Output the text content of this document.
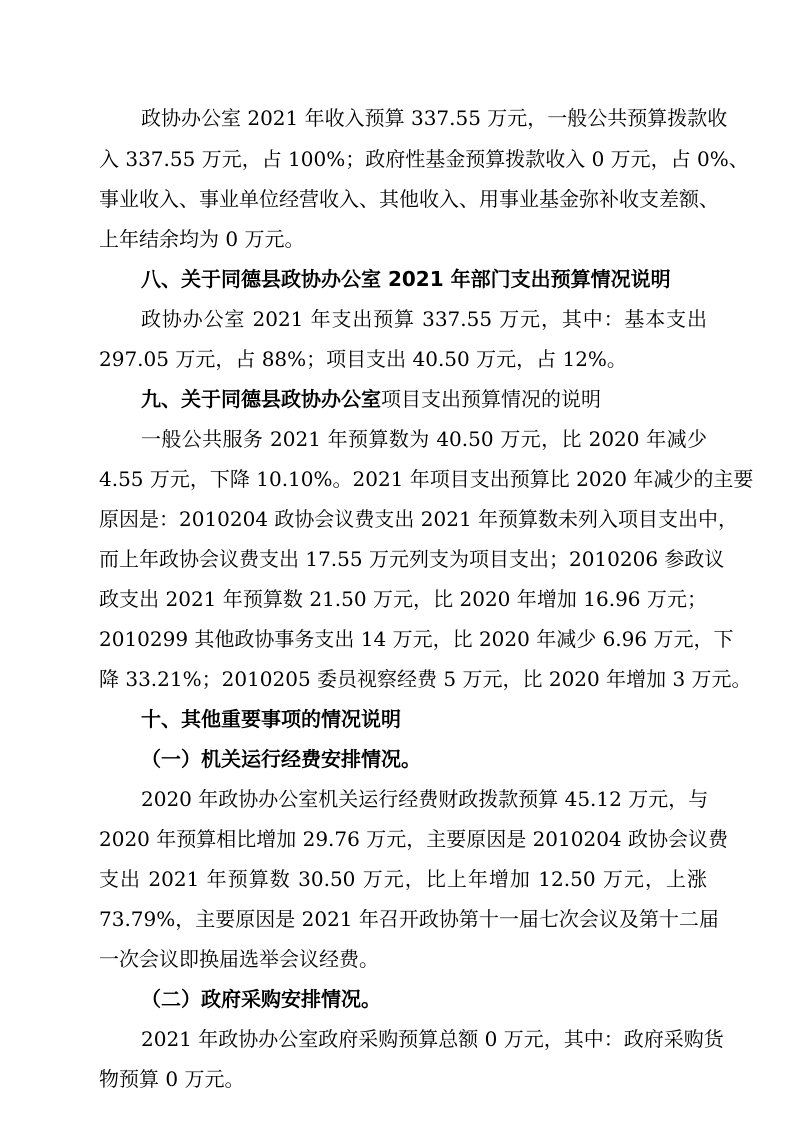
政协办公室 2021 年收入预算 337.55 万元，一般公共预算拨款收

入 337.55 万元，占 100%；政府性基金预算拨款收入 0 万元，占 0%、

事业收入、事业单位经营收入、其他收入、用事业基金弥补收支差额、

上年结余均为 0 万元。

八、关于同德县政协办公室 2021 年部门支出预算情况说明

政协办公室 2021 年支出预算 337.55 万元，其中：基本支出

297.05 万元，占 88%；项目支出 40.50 万元，占 12%。

九、关于同德县政协办公室项目支出预算情况的说明

一般公共服务 2021 年预算数为 40.50 万元，比 2020 年减少

4.55 万元，下降 10.10%。2021 年项目支出预算比 2020 年减少的主要

原因是：2010204 政协会议费支出 2021 年预算数未列入项目支出中，

而上年政协会议费支出 17.55 万元列支为项目支出；2010206 参政议

政支出 2021 年预算数 21.50 万元，比 2020 年增加 16.96 万元；

2010299 其他政协事务支出 14 万元，比 2020 年减少 6.96 万元，下

降 33.21%；2010205 委员视察经费 5 万元，比 2020 年增加 3 万元。

十、其他重要事项的情况说明

（一）机关运行经费安排情况。

2020 年政协办公室机关运行经费财政拨款预算 45.12 万元，与

2020 年预算相比增加 29.76 万元，主要原因是 2010204 政协会议费

支出 2021 年预算数 30.50 万元，比上年增加 12.50 万元，上涨

73.79%，主要原因是 2021 年召开政协第十一届七次会议及第十二届

一次会议即换届选举会议经费。

（二）政府采购安排情况。

2021 年政协办公室政府采购预算总额 0 万元，其中：政府采购货

物预算 0 万元。
